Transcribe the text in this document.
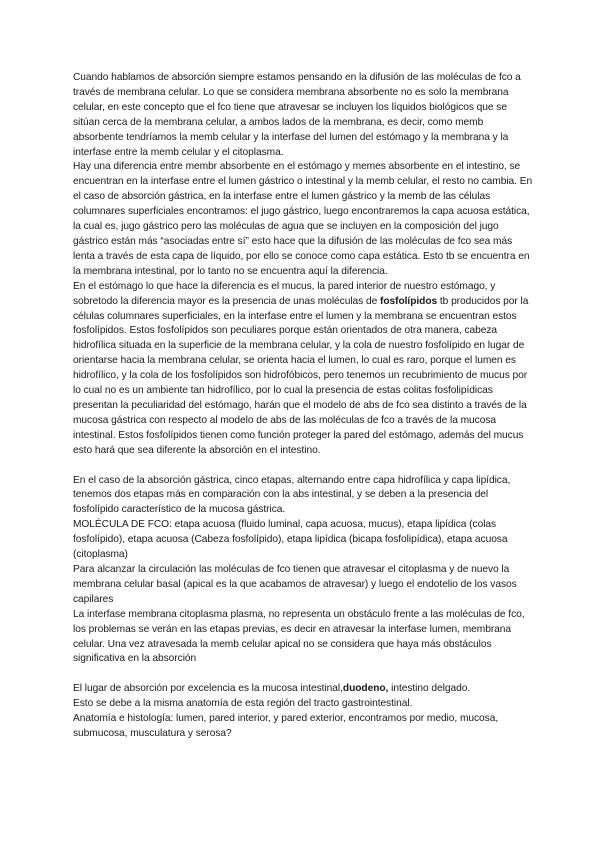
Cuando hablamos de absorción siempre estamos pensando en la difusión de las moléculas de fco a través de membrana celular. Lo que se considera membrana absorbente no es solo la membrana celular, en este concepto que el fco tiene que atravesar se incluyen los líquidos biológicos que se sitúan cerca de la membrana celular, a ambos lados de la membrana, es decir, como memb absorbente tendríamos la memb celular y la interfase del lumen del estómago y la membrana y la interfase entre la memb celular y el citoplasma.

Hay una diferencia entre membr absorbente en el estómago y memes absorbente en el intestino, se encuentran en la interfase entre el lumen gástrico o intestinal y la memb celular, el resto no cambia. En el caso de absorción gástrica, en la interfase entre el lumen gástrico y la memb de las células columnares superficiales encontramos: el jugo gástrico, luego encontraremos la capa acuosa estática, la cual es, jugo gástrico pero las moléculas de agua que se incluyen en la composición del jugo gástrico están más “asociadas entre sí” esto hace que la difusión de las moléculas de fco sea más lenta a través de esta capa de líquido, por ello se conoce como capa estática. Esto tb se encuentra en la membrana intestinal, por lo tanto no se encuentra aquí la diferencia.

En el estómago lo que hace la diferencia es el mucus, la pared interior de nuestro estómago, y sobretodo la diferencia mayor es la presencia de unas moléculas de fosfolípidos tb producidos por la células columnares superficiales, en la interfase entre el lumen y la membrana se encuentran estos fosfolípidos. Estos fosfolípidos son peculiares porque están orientados de otra manera, cabeza hidrofílica situada en la superficie de la membrana celular, y la cola de nuestro fosfolípido en lugar de orientarse hacia la membrana celular, se orienta hacia el lumen, lo cual es raro, porque el lumen es hidrofílico, y la cola de los fosfolípidos son hidrofóbicos, pero tenemos un recubrimiento de mucus por lo cual no es un ambiente tan hidrofílico, por lo cual la presencia de estas colitas fosfolipídicas presentan la peculiaridad del estómago, harán que el modelo de abs de fco sea distinto a través de la mucosa gástrica con respecto al modelo de abs de las moléculas de fco a través de la mucosa intestinal. Estos fosfolípidos tienen como función proteger la pared del estómago, además del mucus esto hará que sea diferente la absorción en el intestino.

En el caso de la absorción gástrica, cinco etapas, alternando entre capa hidrofílica y capa lipídica, tenemos dos etapas más en comparación con la abs intestinal, y se deben a la presencia del fosfolípido característico de la mucosa gástrica.

MOLÉCULA DE FCO: etapa acuosa (fluido luminal, capa acuosa, mucus), etapa lipídica (colas fosfolípido), etapa acuosa (Cabeza fosfolípido), etapa lipídica (bicapa fosfolipídica), etapa acuosa (citoplasma)

Para alcanzar la circulación las moléculas de fco tienen que atravesar el citoplasma y de nuevo la membrana celular basal (apical es la que acabamos de atravesar) y luego el endotelio de los vasos capilares

La interfase membrana citoplasma plasma, no representa un obstáculo frente a las moléculas de fco, los problemas se verán en las etapas previas, es decir en atravesar la interfase lumen, membrana celular. Una vez atravesada la memb celular apical no se considera que haya más obstáculos significativa en la absorción

El lugar de absorción por excelencia es la mucosa intestinal,duodeno, intestino delgado.

Esto se debe a la misma anatomía de esta región del tracto gastrointestinal.

Anatomía e histología: lumen, pared interior, y pared exterior, encontramos por medio, mucosa, submucosa, musculatura y serosa?
